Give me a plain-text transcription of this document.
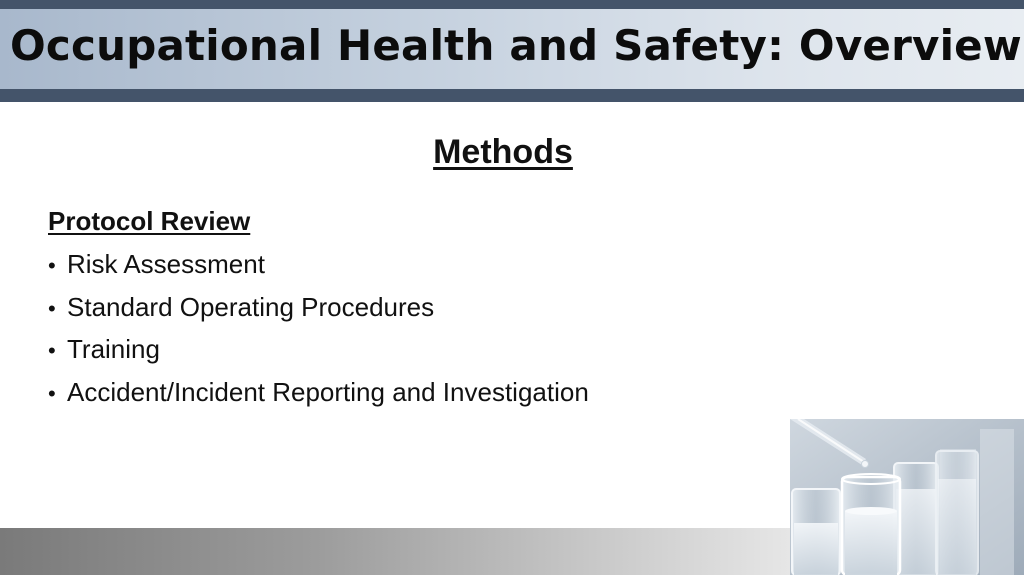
Occupational Health and Safety: Overview
Methods
Protocol Review
• Risk Assessment
• Standard Operating Procedures
• Training
• Accident/Incident Reporting and Investigation
